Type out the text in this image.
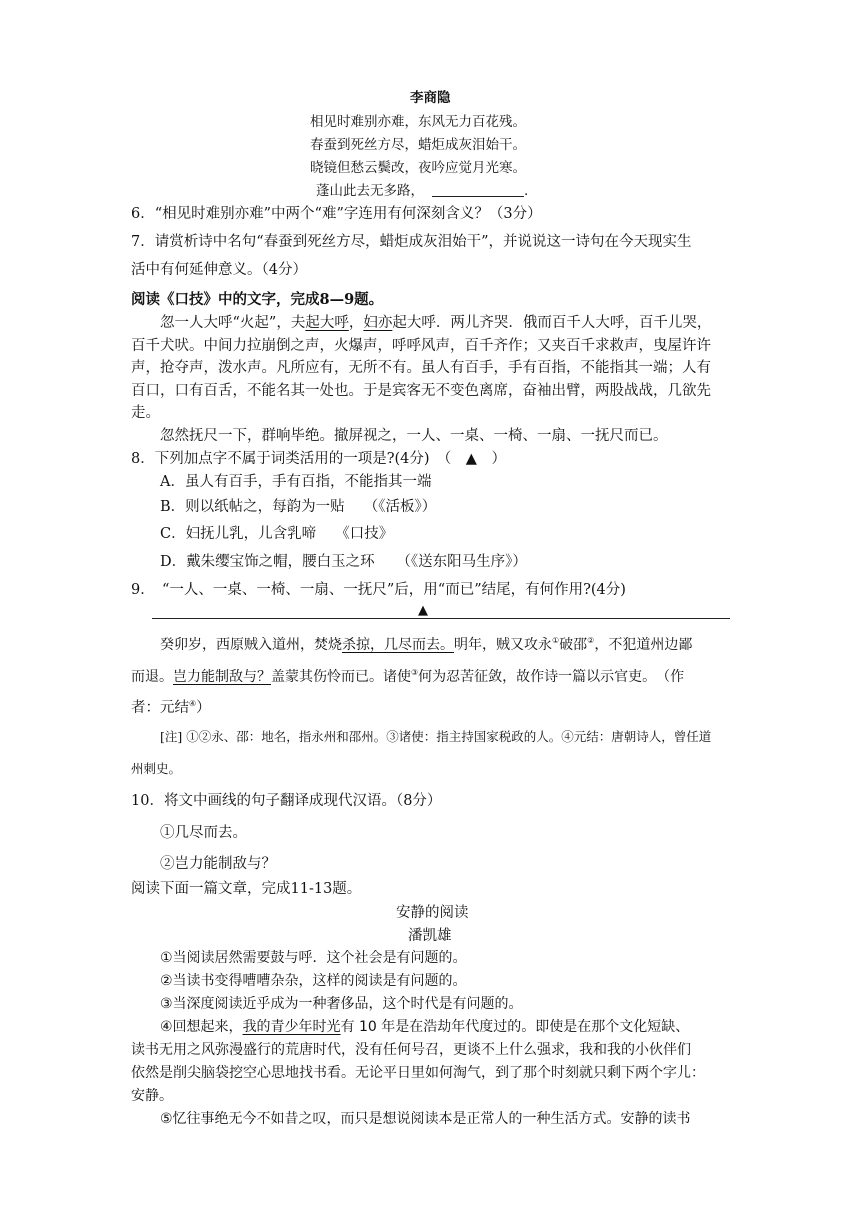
李商隐
相见时难别亦难，东风无力百花残。
春蚕到死丝方尽，蜡炬成灰泪始干。
晓镜但愁云鬓改，夜吟应觉月光寒。
蓬山此去无多路，	.
6．“相见时难别亦难”中两个“难”字连用有何深刻含义？（3分）
7．请赏析诗中名句“春蚕到死丝方尽，蜡炬成灰泪始干”，并说说这一诗句在今天现实生
活中有何延伸意义。（4分）
阅读《口技》中的文字，完成8—9题。
忽一人大呼“火起”，夫起大呼，妇亦起大呼．两儿齐哭．俄而百千人大呼，百千儿哭，
百千犬吠。中间力拉崩倒之声，火爆声，呼呼风声，百千齐作；又夹百千求救声，曳屋许许
声，抢夺声，泼水声。凡所应有，无所不有。虽人有百手，手有百指，不能指其一端；人有
百口，口有百舌，不能名其一处也。于是宾客无不变色离席，奋袖出臂，两股战战，几欲先
走。
忽然抚尺一下，群响毕绝。撤屏视之，一人、一桌、一椅、一扇、一抚尺而已。
8．下列加点字不属于词类活用的一项是?(4分)　（　▲　）
A．虽人有百手，手有百指，不能指其一端
B．则以纸帖之，每韵为一贴　 （《活板》）
C．妇抚儿乳，儿含乳啼　 《口技》
D．戴朱缨宝饰之帽，腰白玉之环　　（《送东阳马生序》）
9．　“一人、一桌、一椅、一扇、一抚尺”后，用“而已”结尾，有何作用?(4分)
▲
癸卯岁，西原贼入道州，焚烧杀掠，几尽而去。明年，贼又攻永①破邵②，不犯道州边鄙
而退。岂力能制敌与？盖蒙其伤怜而已。诸使③何为忍苦征敛，故作诗一篇以示官吏。　（作
者：元结④）
[注] ①②永、邵：地名，指永州和邵州。③诸使：指主持国家税政的人。④元结：唐朝诗人，曾任道
州刺史。
10．将文中画线的句子翻译成现代汉语。（8分）
①几尽而去。
②岂力能制敌与？
阅读下面一篇文章，完成11-13题。
安静的阅读
潘凯雄
①当阅读居然需要鼓与呼．这个社会是有问题的。
②当读书变得嘈嘈杂杂，这样的阅读是有问题的。
③当深度阅读近乎成为一种奢侈品，这个时代是有问题的。
④回想起来，我的青少年时光有 10 年是在浩劫年代度过的。即使是在那个文化短缺、
读书无用之风弥漫盛行的荒唐时代，没有任何号召，更谈不上什么强求，我和我的小伙伴们
依然是削尖脑袋挖空心思地找书看。无论平日里如何淘气，到了那个时刻就只剩下两个字儿：
安静。
⑤忆往事绝无今不如昔之叹，而只是想说阅读本是正常人的一种生活方式。安静的读书
